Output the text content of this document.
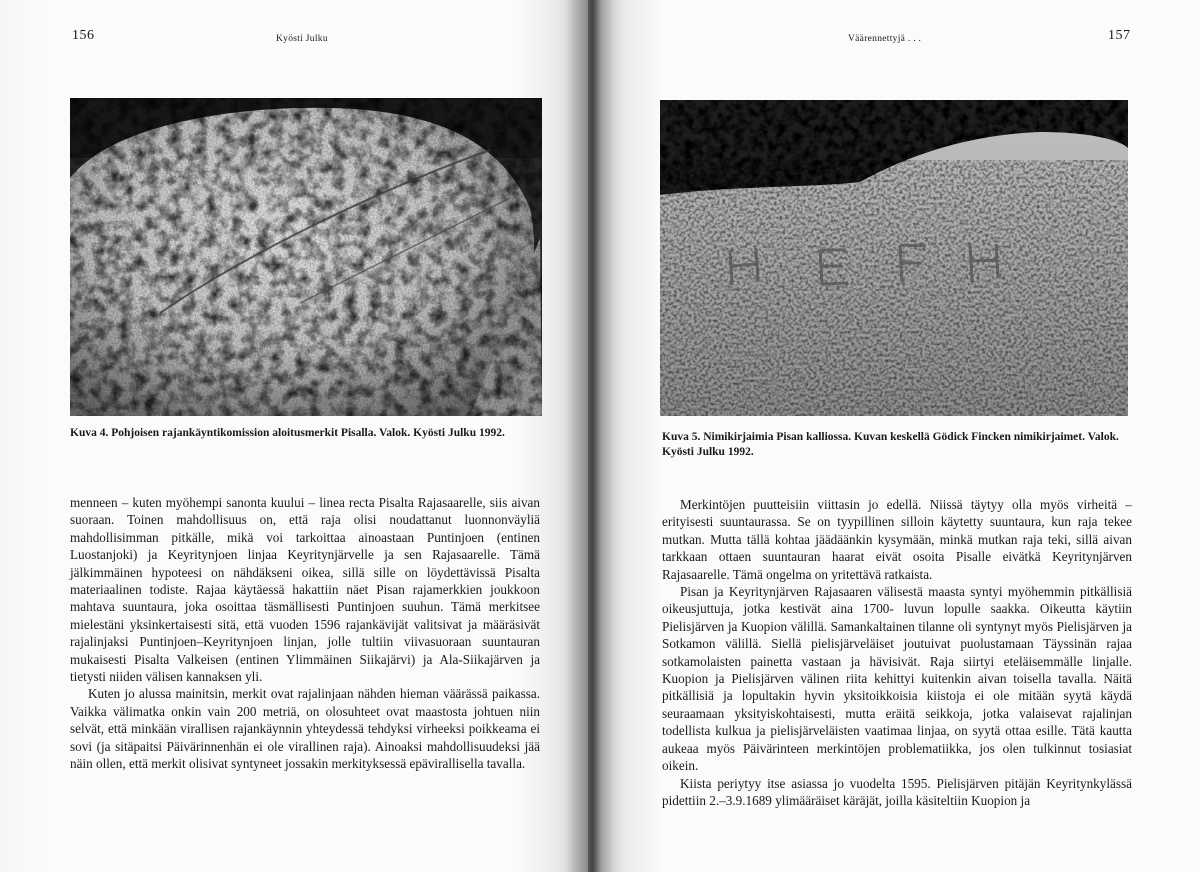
156	Kyösti Julku
Kuva 4. Pohjoisen rajankäyntikomission aloitusmerkit Pisalla. Valok. Kyösti Julku 1992.

menneen – kuten myöhempi sanonta kuului – linea recta Pisalta Rajasaarelle, siis aivan suoraan. Toinen mahdollisuus on, että raja olisi noudattanut luonnonväyliä mahdollisimman pitkälle, mikä voi tarkoittaa ainoastaan Puntinjoen (entinen Luostanjoki) ja Keyritynjoen linjaa Keyritynjärvelle ja sen Rajasaarelle. Tämä jälkimmäinen hypoteesi on nähdäkseni oikea, sillä sille on löydettävissä Pisalta materiaalinen todiste. Rajaa käytäessä hakattiin näet Pisan rajamerkkien joukkoon mahtava suuntaura, joka osoittaa täsmällisesti Puntinjoen suuhun. Tämä merkitsee mielestäni yksinkertaisesti sitä, että vuoden 1596 rajankävijät valitsivat ja määräsivät rajalinjaksi Puntinjoen–Keyritynjoen linjan, jolle tultiin viivasuoraan suuntauran mukaisesti Pisalta Valkeisen (entinen Ylimmäinen Siikajärvi) ja Ala-Siikajärven ja tietysti niiden välisen kannaksen yli.

Kuten jo alussa mainitsin, merkit ovat rajalinjaan nähden hieman väärässä paikassa. Vaikka välimatka onkin vain 200 metriä, on olosuhteet ovat maastosta johtuen niin selvät, että minkään virallisen rajankäynnin yhteydessä tehdyksi virheeksi poikkeama ei sovi (ja sitäpaitsi Päivärinnenhän ei ole virallinen raja). Ainoaksi mahdollisuudeksi jää näin ollen, että merkit olisivat syntyneet jossakin merkityksessä epävirallisella tavalla.

Väärennettyjä . . .	157
Kuva 5. Nimikirjaimia Pisan kalliossa. Kuvan keskellä Gödick Fincken nimikirjaimet. Valok. Kyösti Julku 1992.

Merkintöjen puutteisiin viittasin jo edellä. Niissä täytyy olla myös virheitä – erityisesti suuntaurassa. Se on tyypillinen silloin käytetty suuntaura, kun raja tekee mutkan. Mutta tällä kohtaa jäädäänkin kysymään, minkä mutkan raja teki, sillä aivan tarkkaan ottaen suuntauran haarat eivät osoita Pisalle eivätkä Keyritynjärven Rajasaarelle. Tämä ongelma on yritettävä ratkaista.

Pisan ja Keyritynjärven Rajasaaren välisestä maasta syntyi myöhemmin pitkällisiä oikeusjuttuja, jotka kestivät aina 1700- luvun lopulle saakka. Oikeutta käytiin Pielisjärven ja Kuopion välillä. Samankaltainen tilanne oli syntynyt myös Pielisjärven ja Sotkamon välillä. Siellä pielisjärveläiset joutuivat puolustamaan Täyssinän rajaa sotkamolaisten painetta vastaan ja hävisivät. Raja siirtyi eteläisemmälle linjalle. Kuopion ja Pielisjärven välinen riita kehittyi kuitenkin aivan toisella tavalla. Näitä pitkällisiä ja lopultakin hyvin yksitoikkoisia kiistoja ei ole mitään syytä käydä seuraamaan yksityiskohtaisesti, mutta eräitä seikkoja, jotka valaisevat rajalinjan todellista kulkua ja pielisjärveläisten vaatimaa linjaa, on syytä ottaa esille. Tätä kautta aukeaa myös Päivärinteen merkintöjen problematiikka, jos olen tulkinnut tosiasiat oikein.

Kiista periytyy itse asiassa jo vuodelta 1595. Pielisjärven pitäjän Keyritynkylässä pidettiin 2.–3.9.1689 ylimääräiset käräjät, joilla käsiteltiin Kuopion ja
